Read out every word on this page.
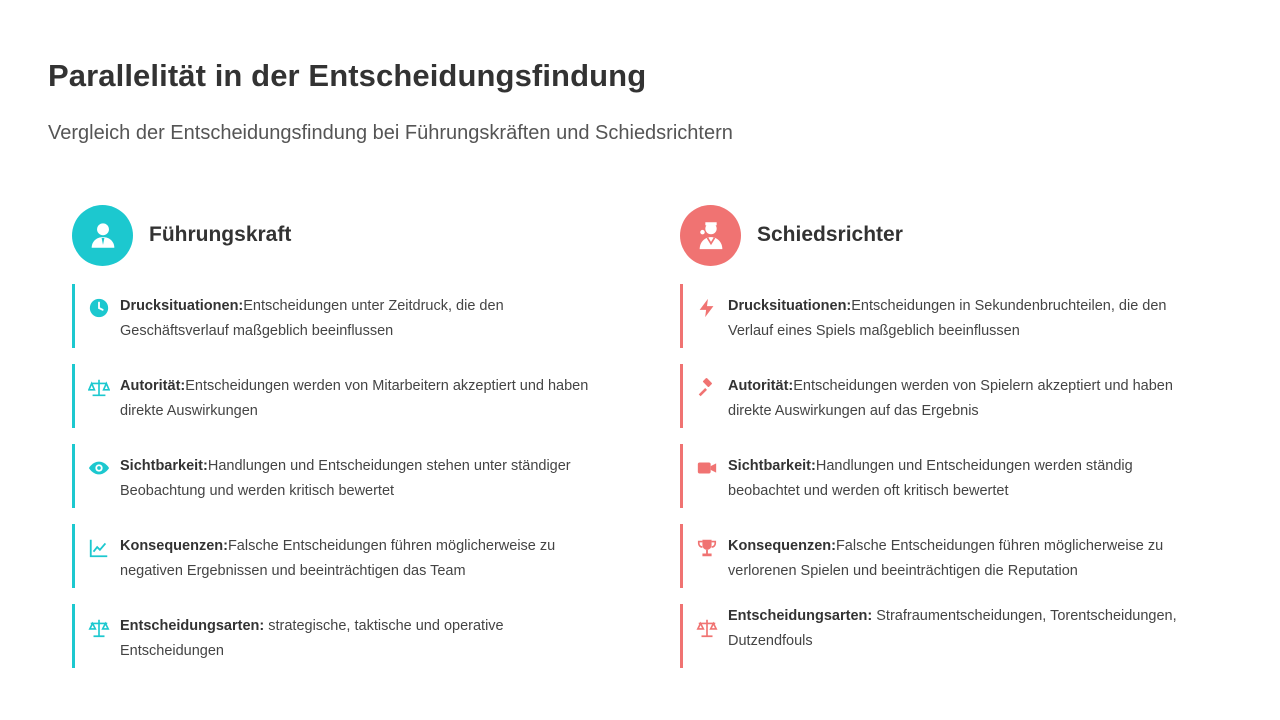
Parallelität in der Entscheidungsfindung

Vergleich der Entscheidungsfindung bei Führungskräften und Schiedsrichtern

Führungskraft
Drucksituationen:Entscheidungen unter Zeitdruck, die den Geschäftsverlauf maßgeblich beeinflussen
Autorität:Entscheidungen werden von Mitarbeitern akzeptiert und haben direkte Auswirkungen
Sichtbarkeit:Handlungen und Entscheidungen stehen unter ständiger Beobachtung und werden kritisch bewertet
Konsequenzen:Falsche Entscheidungen führen möglicherweise zu negativen Ergebnissen und beeinträchtigen das Team
Entscheidungsarten: strategische, taktische und operative Entscheidungen
Schiedsrichter
Drucksituationen:Entscheidungen in Sekundenbruchteilen, die den Verlauf eines Spiels maßgeblich beeinflussen
Autorität:Entscheidungen werden von Spielern akzeptiert und haben direkte Auswirkungen auf das Ergebnis
Sichtbarkeit:Handlungen und Entscheidungen werden ständig beobachtet und werden oft kritisch bewertet
Konsequenzen:Falsche Entscheidungen führen möglicherweise zu verlorenen Spielen und beeinträchtigen die Reputation
Entscheidungsarten: Strafraumentscheidungen, Torentscheidungen, Dutzendfouls
